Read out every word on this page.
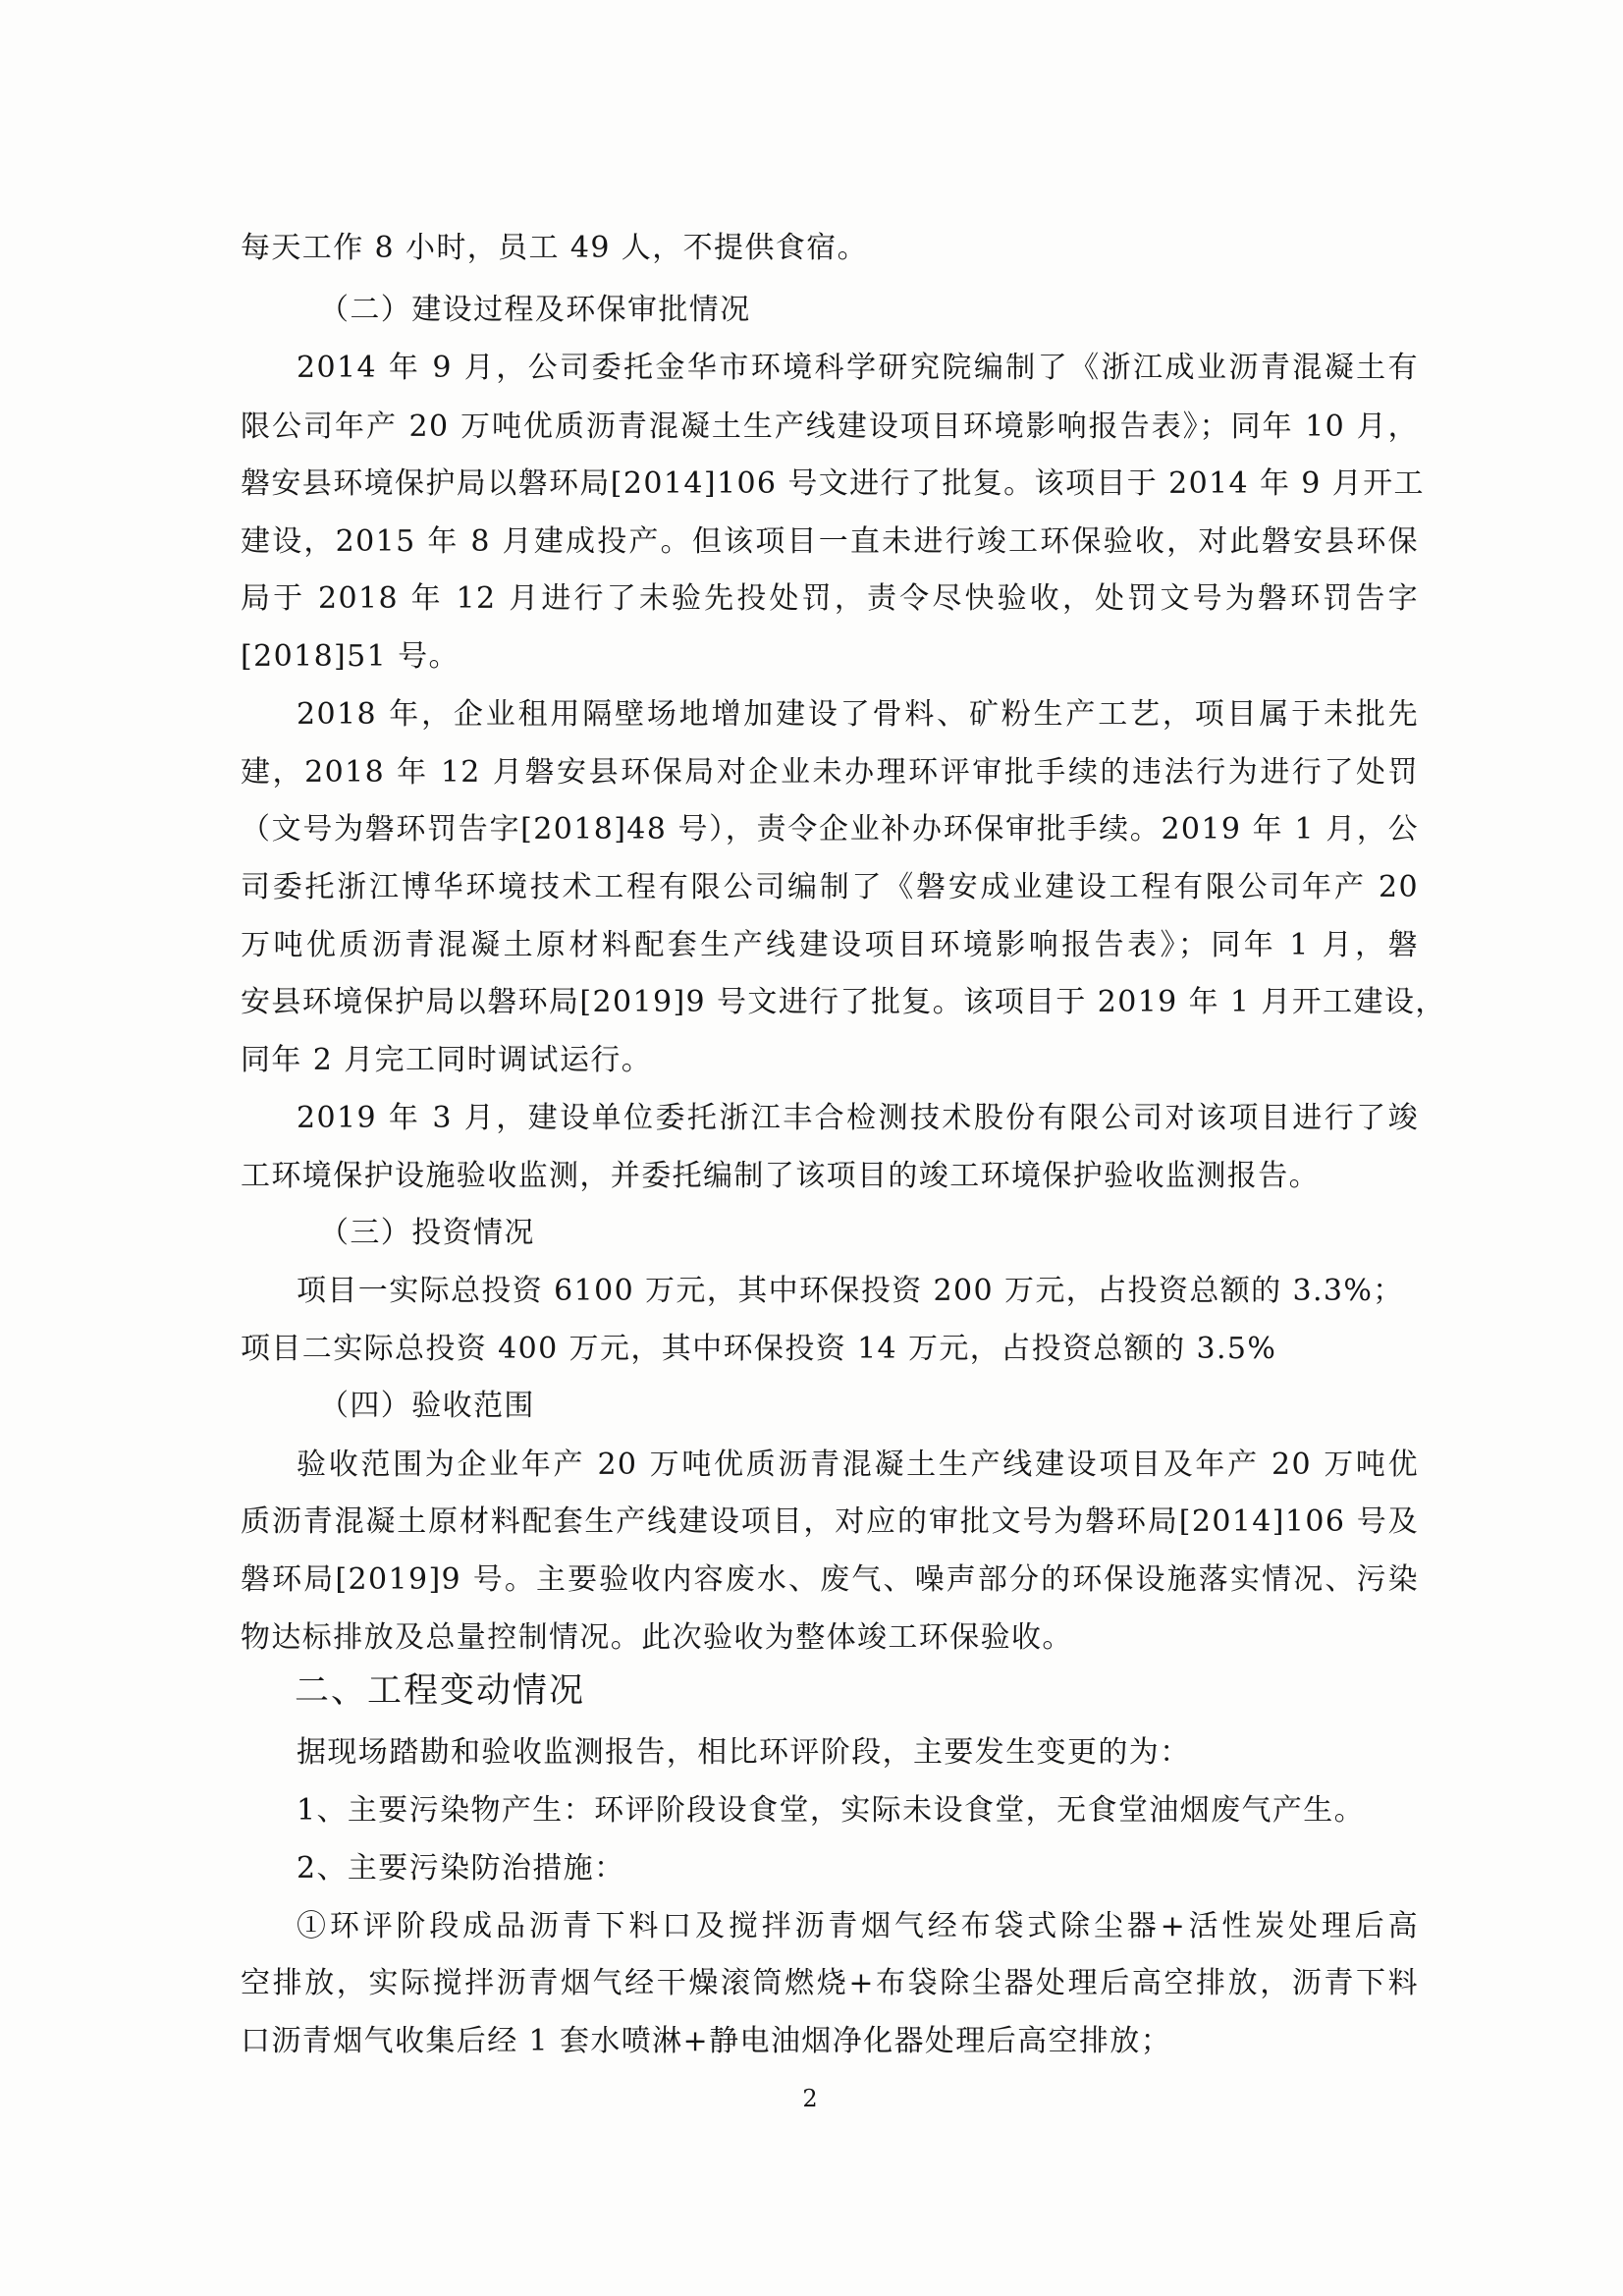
每天工作 8 小时，员工 49 人，不提供食宿。
（二）建设过程及环保审批情况
2014 年 9 月，公司委托金华市环境科学研究院编制了《浙江成业沥青混凝土有
限公司年产 20 万吨优质沥青混凝土生产线建设项目环境影响报告表》；同年 10 月，
磐安县环境保护局以磐环局[2014]106 号文进行了批复。该项目于 2014 年 9 月开工
建设，2015 年 8 月建成投产。但该项目一直未进行竣工环保验收，对此磐安县环保
局于 2018 年 12 月进行了未验先投处罚，责令尽快验收，处罚文号为磐环罚告字
[2018]51 号。
2018 年，企业租用隔壁场地增加建设了骨料、矿粉生产工艺，项目属于未批先
建，2018 年 12 月磐安县环保局对企业未办理环评审批手续的违法行为进行了处罚
（文号为磐环罚告字[2018]48 号），责令企业补办环保审批手续。2019 年 1 月，公
司委托浙江博华环境技术工程有限公司编制了《磐安成业建设工程有限公司年产 20
万吨优质沥青混凝土原材料配套生产线建设项目环境影响报告表》；同年 1 月，磐
安县环境保护局以磐环局[2019]9 号文进行了批复。该项目于 2019 年 1 月开工建设，
同年 2 月完工同时调试运行。
2019 年 3 月，建设单位委托浙江丰合检测技术股份有限公司对该项目进行了竣
工环境保护设施验收监测，并委托编制了该项目的竣工环境保护验收监测报告。
（三）投资情况
项目一实际总投资 6100 万元，其中环保投资 200 万元，占投资总额的 3.3%；
项目二实际总投资 400 万元，其中环保投资 14 万元，占投资总额的 3.5%
（四）验收范围
验收范围为企业年产 20 万吨优质沥青混凝土生产线建设项目及年产 20 万吨优
质沥青混凝土原材料配套生产线建设项目，对应的审批文号为磐环局[2014]106 号及
磐环局[2019]9 号。主要验收内容废水、废气、噪声部分的环保设施落实情况、污染
物达标排放及总量控制情况。此次验收为整体竣工环保验收。
二、工程变动情况
据现场踏勘和验收监测报告，相比环评阶段，主要发生变更的为：
1、主要污染物产生：环评阶段设食堂，实际未设食堂，无食堂油烟废气产生。
2、主要污染防治措施：
①环评阶段成品沥青下料口及搅拌沥青烟气经布袋式除尘器+活性炭处理后高
空排放，实际搅拌沥青烟气经干燥滚筒燃烧+布袋除尘器处理后高空排放，沥青下料
口沥青烟气收集后经 1 套水喷淋+静电油烟净化器处理后高空排放；
2
